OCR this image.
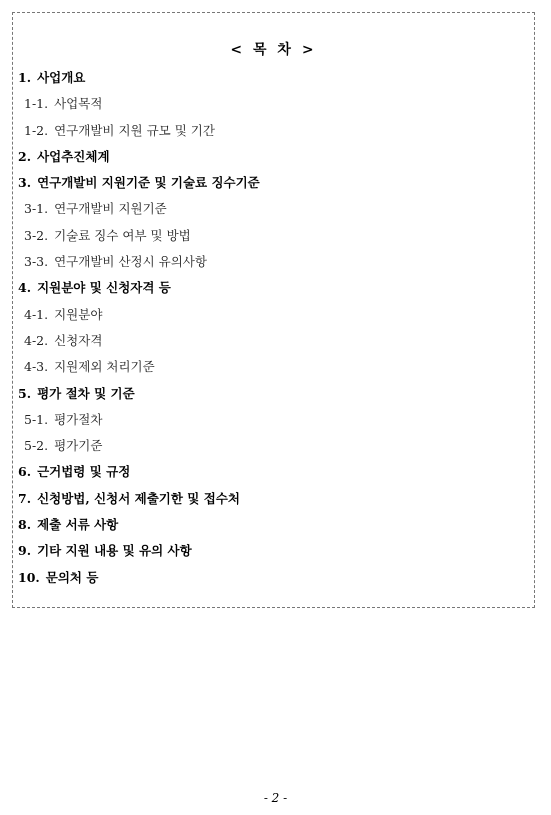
< 목 차 >
1. 사업개요
1-1. 사업목적
1-2. 연구개발비 지원 규모 및 기간
2. 사업추진체계
3. 연구개발비 지원기준 및 기술료 징수기준
3-1. 연구개발비 지원기준
3-2. 기술료 징수 여부 및 방법
3-3. 연구개발비 산정시 유의사항
4. 지원분야 및 신청자격 등
4-1. 지원분야
4-2. 신청자격
4-3. 지원제외 처리기준
5. 평가 절차 및 기준
5-1. 평가절차
5-2. 평가기준
6. 근거법령 및 규정
7. 신청방법, 신청서 제출기한 및 접수처
8. 제출 서류 사항
9. 기타 지원 내용 및 유의 사항
10. 문의처 등
- 2 -
